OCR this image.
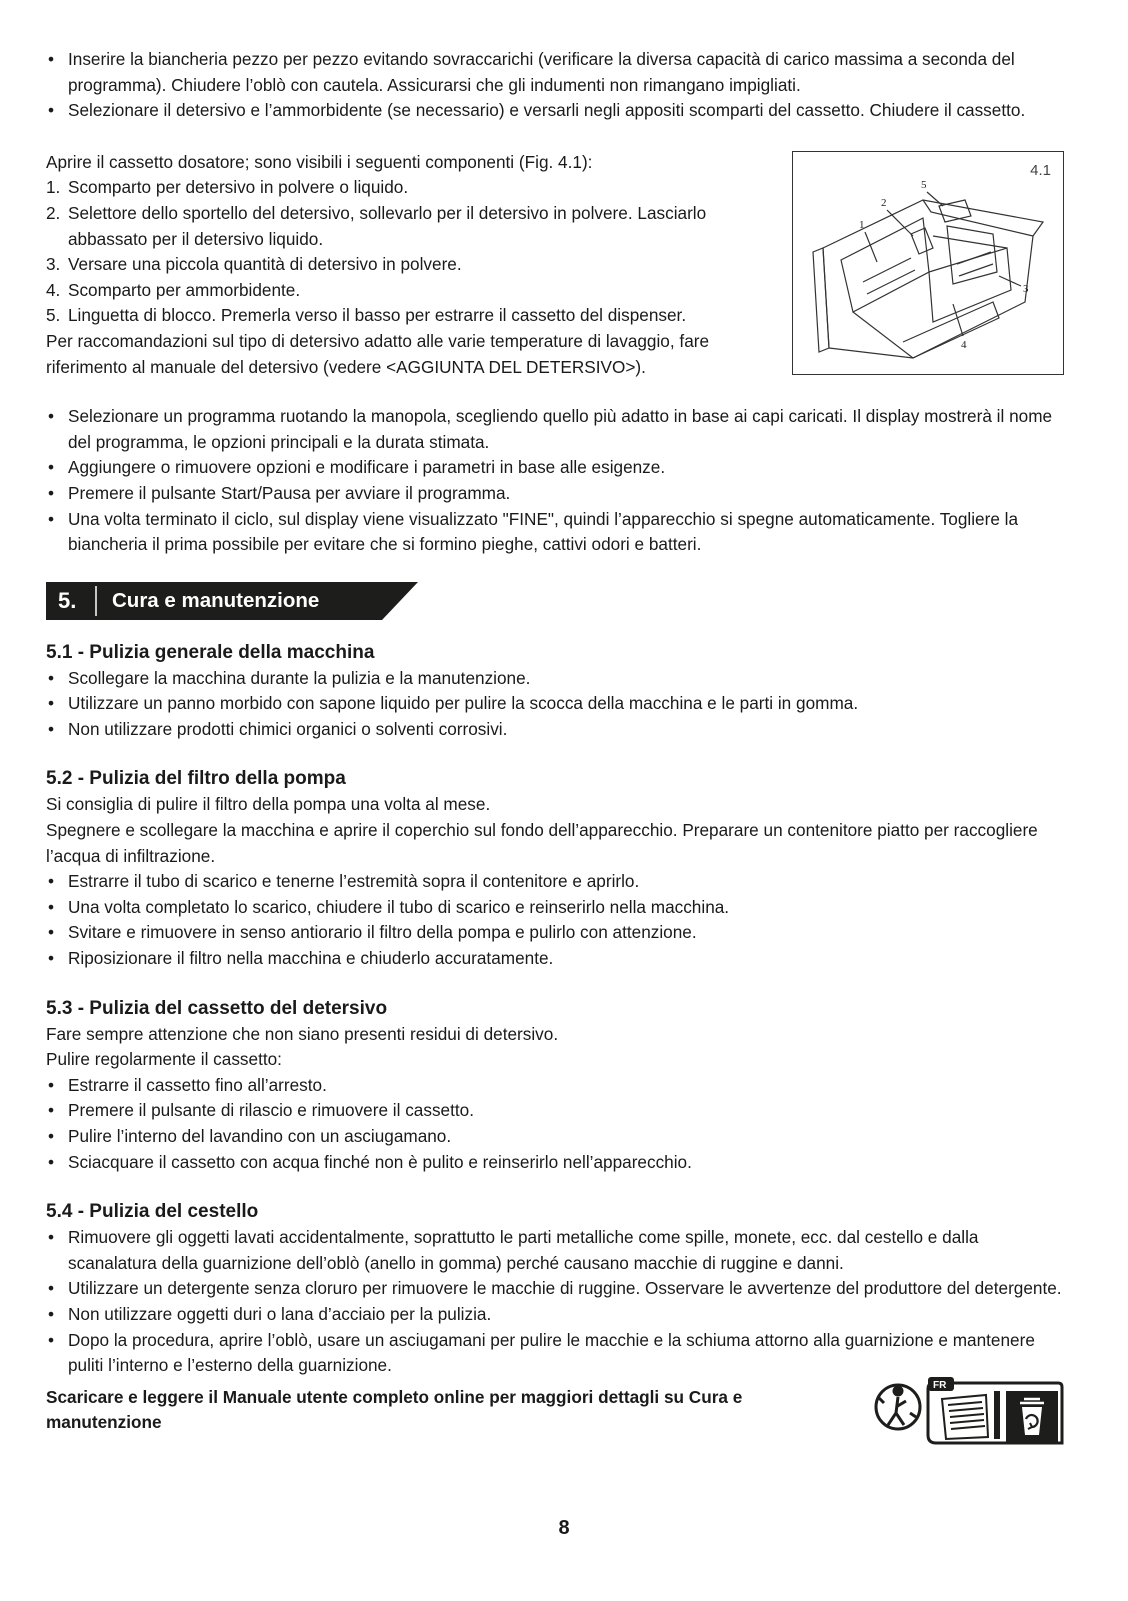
• Inserire la biancheria pezzo per pezzo evitando sovraccarichi (verificare la diversa capacità di carico massima a seconda del programma). Chiudere l’oblò con cautela. Assicurarsi che gli indumenti non rimangano impigliati.
• Selezionare il detersivo e l’ammorbidente (se necessario) e versarli negli appositi scomparti del cassetto. Chiudere il cassetto.

Aprire il cassetto dosatore; sono visibili i seguenti componenti (Fig. 4.1):

1. Scomparto per detersivo in polvere o liquido.
2. Selettore dello sportello del detersivo, sollevarlo per il detersivo in polvere. Lasciarlo abbassato per il detersivo liquido.
3. Versare una piccola quantità di detersivo in polvere.
4. Scomparto per ammorbidente.
5. Linguetta di blocco. Premerla verso il basso per estrarre il cassetto del dispenser.

Per raccomandazioni sul tipo di detersivo adatto alle varie temperature di lavaggio, fare riferimento al manuale del detersivo (vedere <AGGIUNTA DEL DETERSIVO>).

4.1
1
2
3
4
5
• Selezionare un programma ruotando la manopola, scegliendo quello più adatto in base ai capi caricati. Il display mostrerà il nome del programma, le opzioni principali e la durata stimata.
• Aggiungere o rimuovere opzioni e modificare i parametri in base alle esigenze.
• Premere il pulsante Start/Pausa per avviare il programma.
• Una volta terminato il ciclo, sul display viene visualizzato "FINE", quindi l’apparecchio si spegne automaticamente. Togliere la biancheria il prima possibile per evitare che si formino pieghe, cattivi odori e batteri.
5. Cura e manutenzione
5.1 - Pulizia generale della macchina
• Scollegare la macchina durante la pulizia e la manutenzione.
• Utilizzare un panno morbido con sapone liquido per pulire la scocca della macchina e le parti in gomma.
• Non utilizzare prodotti chimici organici o solventi corrosivi.
5.2 - Pulizia del filtro della pompa

Si consiglia di pulire il filtro della pompa una volta al mese.

Spegnere e scollegare la macchina e aprire il coperchio sul fondo dell’apparecchio. Preparare un contenitore piatto per raccogliere l’acqua di infiltrazione.

• Estrarre il tubo di scarico e tenerne l’estremità sopra il contenitore e aprirlo.
• Una volta completato lo scarico, chiudere il tubo di scarico e reinserirlo nella macchina.
• Svitare e rimuovere in senso antiorario il filtro della pompa e pulirlo con attenzione.
• Riposizionare il filtro nella macchina e chiuderlo accuratamente.
5.3 - Pulizia del cassetto del detersivo

Fare sempre attenzione che non siano presenti residui di detersivo.

Pulire regolarmente il cassetto:

• Estrarre il cassetto fino all’arresto.
• Premere il pulsante di rilascio e rimuovere il cassetto.
• Pulire l’interno del lavandino con un asciugamano.
• Sciacquare il cassetto con acqua finché non è pulito e reinserirlo nell’apparecchio.
5.4 - Pulizia del cestello
• Rimuovere gli oggetti lavati accidentalmente, soprattutto le parti metalliche come spille, monete, ecc. dal cestello e dalla scanalatura della guarnizione dell’oblò (anello in gomma) perché causano macchie di ruggine e danni.
• Utilizzare un detergente senza cloruro per rimuovere le macchie di ruggine. Osservare le avvertenze del produttore del detergente.
• Non utilizzare oggetti duri o lana d’acciaio per la pulizia.
• Dopo la procedura, aprire l’oblò, usare un asciugamani per pulire le macchie e la schiuma attorno alla guarnizione e mantenere puliti l’interno e l’esterno della guarnizione.

Scaricare e leggere il Manuale utente completo online per maggiori dettagli su Cura e manutenzione

FR
8
